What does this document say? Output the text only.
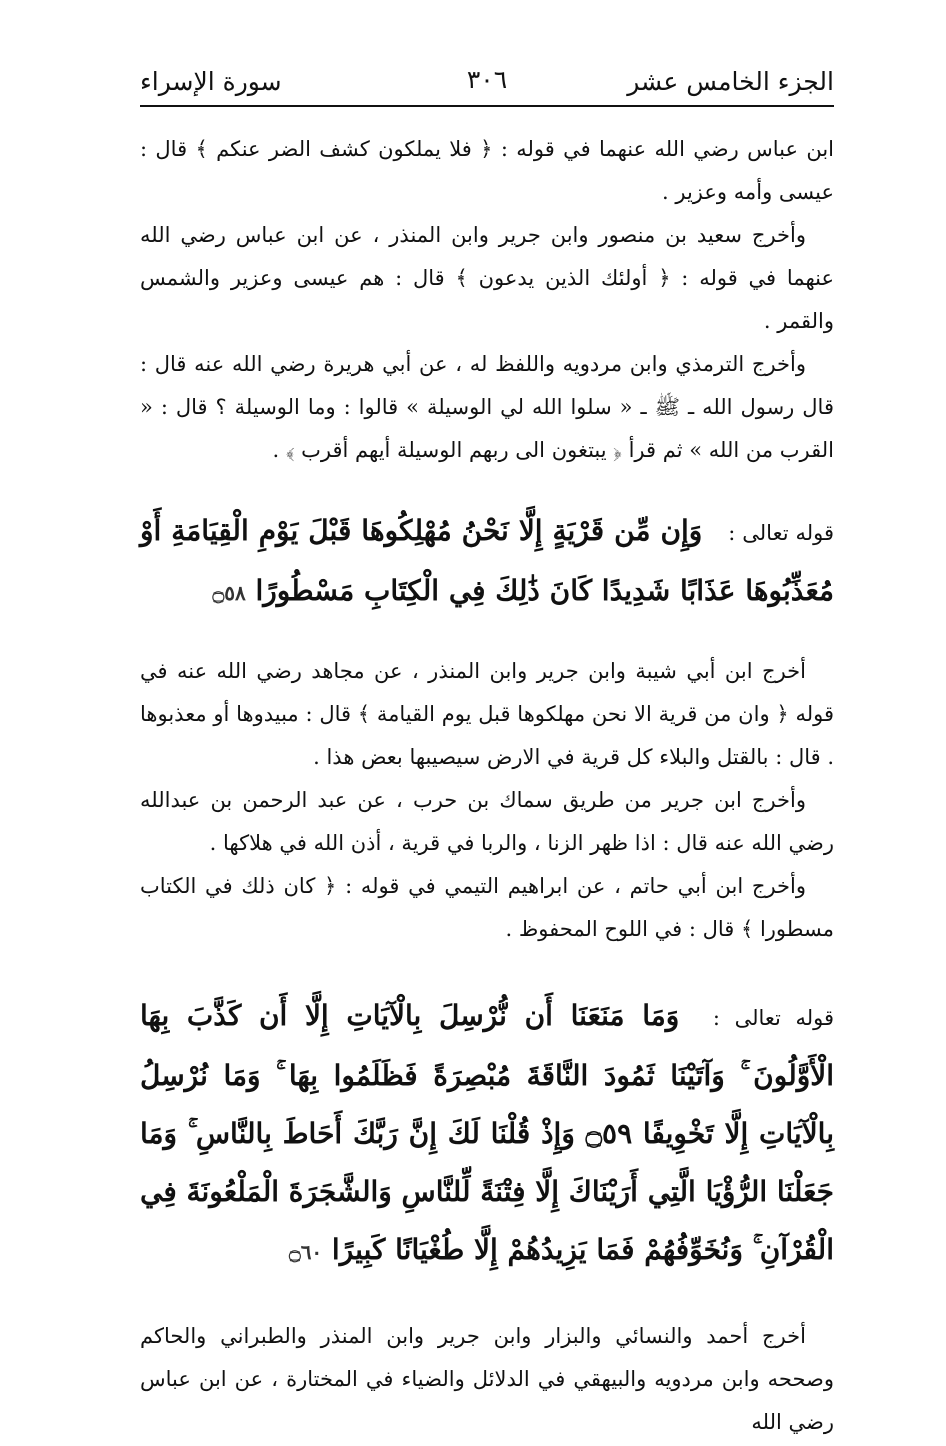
الجزء الخامس عشر
٣٠٦
سورة الإسراء

ابن عباس رضي الله عنهما في قوله : ﴿ فلا يملكون كشف الضر عنكم ﴾ قال : عيسى وأمه وعزير .

وأخرج سعيد بن منصور وابن جرير وابن المنذر ، عن ابن عباس رضي الله عنهما في قوله : ﴿ أولئك الذين يدعون ﴾ قال : هم عيسى وعزير والشمس والقمر .

وأخرج الترمذي وابن مردويه واللفظ له ، عن أبي هريرة رضي الله عنه قال : قال رسول الله ـ ﷺ ـ « سلوا الله لي الوسيلة » قالوا : وما الوسيلة ؟ قال : « القرب من الله » ثم قرأ ﴿ يبتغون الى ربهم الوسيلة أيهم أقرب ﴾ .

قوله تعالى : وَإِن مِّن قَرْيَةٍ إِلَّا نَحْنُ مُهْلِكُوهَا قَبْلَ يَوْمِ الْقِيَامَةِ أَوْ مُعَذِّبُوهَا عَذَابًا شَدِيدًا كَانَ ذَٰلِكَ فِي الْكِتَابِ مَسْطُورًا ۝٥٨

أخرج ابن أبي شيبة وابن جرير وابن المنذر ، عن مجاهد رضي الله عنه في قوله ﴿ وان من قرية الا نحن مهلكوها قبل يوم القيامة ﴾ قال : مبيدوها أو معذبوها . قال : بالقتل والبلاء كل قرية في الارض سيصيبها بعض هذا .

وأخرج ابن جرير من طريق سماك بن حرب ، عن عبد الرحمن بن عبدالله رضي الله عنه قال : اذا ظهر الزنا ، والربا في قرية ، أذن الله في هلاكها .

وأخرج ابن أبي حاتم ، عن ابراهيم التيمي في قوله : ﴿ كان ذلك في الكتاب مسطورا ﴾ قال : في اللوح المحفوظ .

قوله تعالى : وَمَا مَنَعَنَا أَن نُّرْسِلَ بِالْآيَاتِ إِلَّا أَن كَذَّبَ بِهَا الْأَوَّلُونَ ۚ وَآتَيْنَا ثَمُودَ النَّاقَةَ مُبْصِرَةً فَظَلَمُوا بِهَا ۚ وَمَا نُرْسِلُ بِالْآيَاتِ إِلَّا تَخْوِيفًا ۝٥٩ وَإِذْ قُلْنَا لَكَ إِنَّ رَبَّكَ أَحَاطَ بِالنَّاسِ ۚ وَمَا جَعَلْنَا الرُّؤْيَا الَّتِي أَرَيْنَاكَ إِلَّا فِتْنَةً لِّلنَّاسِ وَالشَّجَرَةَ الْمَلْعُونَةَ فِي الْقُرْآنِ ۚ وَنُخَوِّفُهُمْ فَمَا يَزِيدُهُمْ إِلَّا طُغْيَانًا كَبِيرًا ۝٦٠

أخرج أحمد والنسائي والبزار وابن جرير وابن المنذر والطبراني والحاكم وصححه وابن مردويه والبيهقي في الدلائل والضياء في المختارة ، عن ابن عباس رضي الله
